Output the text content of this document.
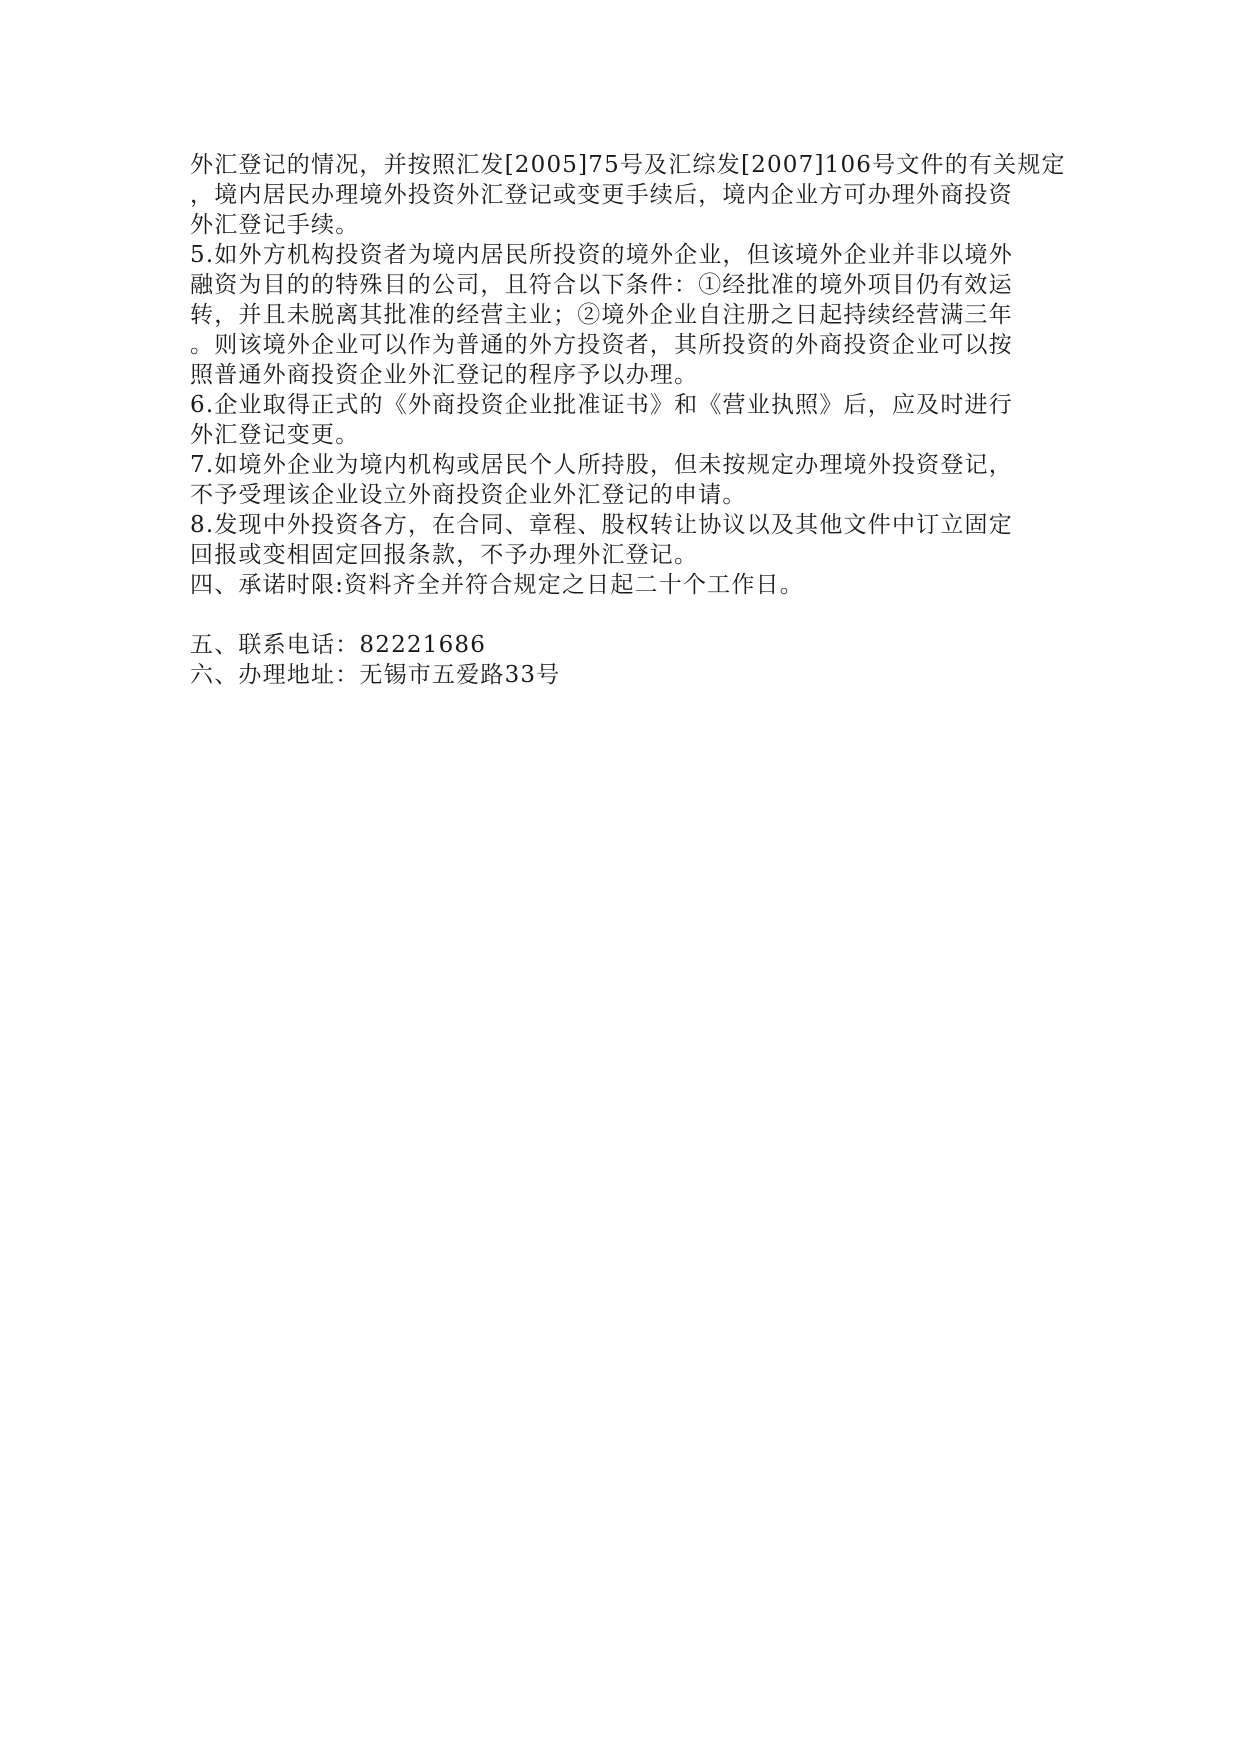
外汇登记的情况，并按照汇发[2005]75号及汇综发[2007]106号文件的有关规定
，境内居民办理境外投资外汇登记或变更手续后，境内企业方可办理外商投资
外汇登记手续。
5.如外方机构投资者为境内居民所投资的境外企业，但该境外企业并非以境外
融资为目的的特殊目的公司，且符合以下条件：①经批准的境外项目仍有效运
转，并且未脱离其批准的经营主业；②境外企业自注册之日起持续经营满三年
。则该境外企业可以作为普通的外方投资者，其所投资的外商投资企业可以按
照普通外商投资企业外汇登记的程序予以办理。
6.企业取得正式的《外商投资企业批准证书》和《营业执照》后，应及时进行
外汇登记变更。
7.如境外企业为境内机构或居民个人所持股，但未按规定办理境外投资登记，
不予受理该企业设立外商投资企业外汇登记的申请。
8.发现中外投资各方，在合同、章程、股权转让协议以及其他文件中订立固定
回报或变相固定回报条款，不予办理外汇登记。
四、承诺时限:资料齐全并符合规定之日起二十个工作日。
五、联系电话：82221686
六、办理地址：无锡市五爱路33号
